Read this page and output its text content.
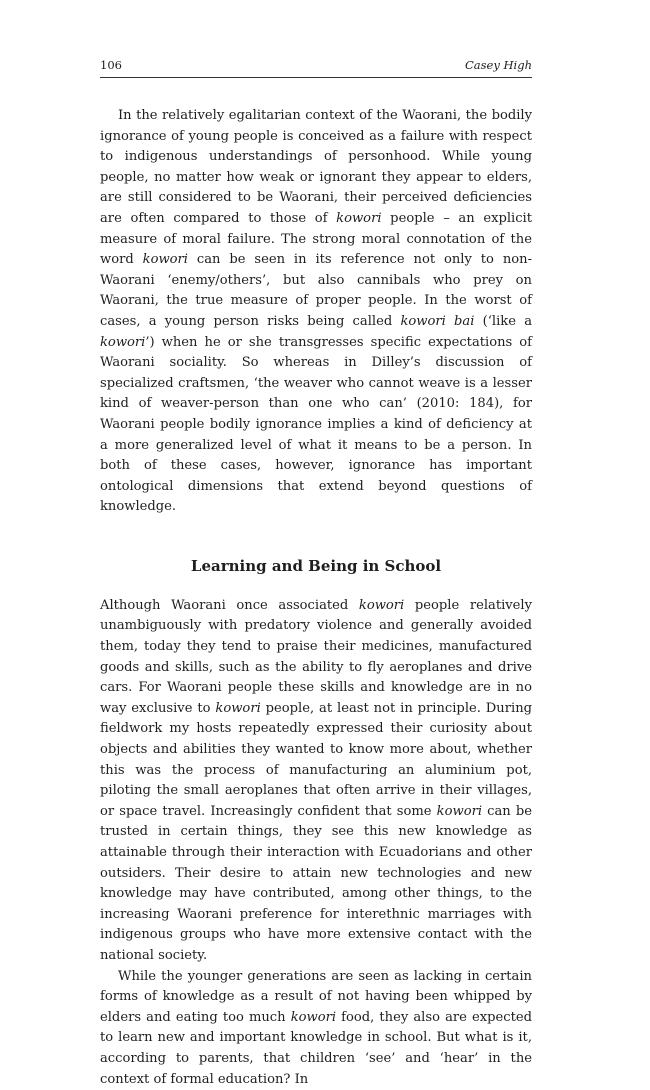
106	Casey High

In the relatively egalitarian context of the Waorani, the bodily ignorance of young people is conceived as a failure with respect to indigenous understandings of personhood. While young people, no matter how weak or ignorant they appear to elders, are still considered to be Waorani, their perceived deficiencies are often compared to those of kowori people – an explicit measure of moral failure. The strong moral connotation of the word kowori can be seen in its reference not only to non-Waorani ‘enemy/others’, but also cannibals who prey on Waorani, the true measure of proper people. In the worst of cases, a young person risks being called kowori bai (‘like a kowori’) when he or she transgresses specific expectations of Waorani sociality. So whereas in Dilley’s discussion of specialized craftsmen, ‘the weaver who cannot weave is a lesser kind of weaver-person than one who can’ (2010: 184), for Waorani people bodily ignorance implies a kind of deficiency at a more generalized level of what it means to be a person. In both of these cases, however, ignorance has important ontological dimensions that extend beyond questions of knowledge.

Learning and Being in School

Although Waorani once associated kowori people relatively unambiguously with predatory violence and generally avoided them, today they tend to praise their medicines, manufactured goods and skills, such as the ability to fly aeroplanes and drive cars. For Waorani people these skills and knowledge are in no way exclusive to kowori people, at least not in principle. During fieldwork my hosts repeatedly expressed their curiosity about objects and abilities they wanted to know more about, whether this was the process of manufacturing an aluminium pot, piloting the small aeroplanes that often arrive in their villages, or space travel. Increasingly confident that some kowori can be trusted in certain things, they see this new knowledge as attainable through their interaction with Ecuadorians and other outsiders. Their desire to attain new technologies and new knowledge may have contributed, among other things, to the increasing Waorani preference for interethnic marriages with indigenous groups who have more extensive contact with the national society.

While the younger generations are seen as lacking in certain forms of knowledge as a result of not having been whipped by elders and eating too much kowori food, they also are expected to learn new and important knowledge in school. But what is it, according to parents, that children ‘see’ and ‘hear’ in the context of formal education? In
